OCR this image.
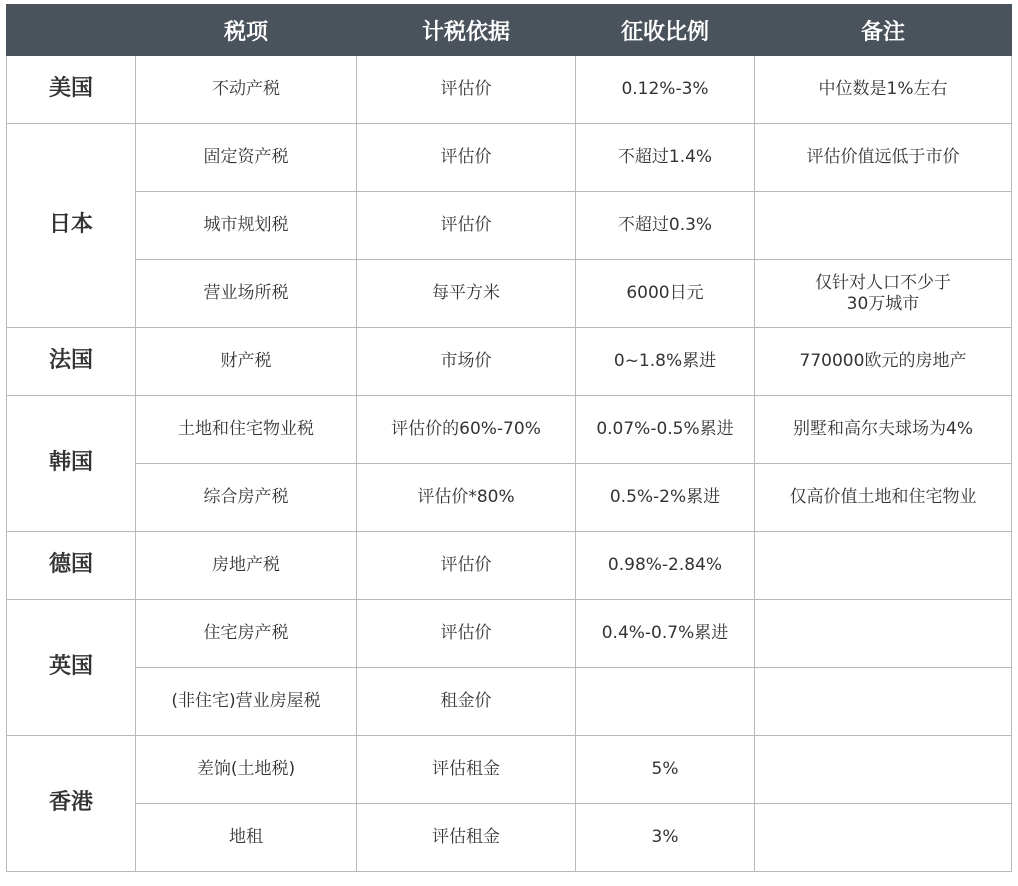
	税项	计税依据	征收比例	备注
美国	不动产税	评估价	0.12%-3%	中位数是1%左右
日本	固定资产税	评估价	不超过1.4%	评估价值远低于市价
	城市规划税	评估价	不超过0.3%	
	营业场所税	每平方米	6000日元	仅针对人口不少于
30万城市

法国	财产税	市场价	0~1.8%累进	770000欧元的房地产
韩国	土地和住宅物业税	评估价的60%-70%	0.07%-0.5%累进	别墅和高尔夫球场为4%
	综合房产税	评估价*80%	0.5%-2%累进	仅高价值土地和住宅物业
德国	房地产税	评估价	0.98%-2.84%	
英国	住宅房产税	评估价	0.4%-0.7%累进	
	(非住宅)营业房屋税	租金价		
香港	差饷(土地税)	评估租金	5%	
	地租	评估租金	3%	
